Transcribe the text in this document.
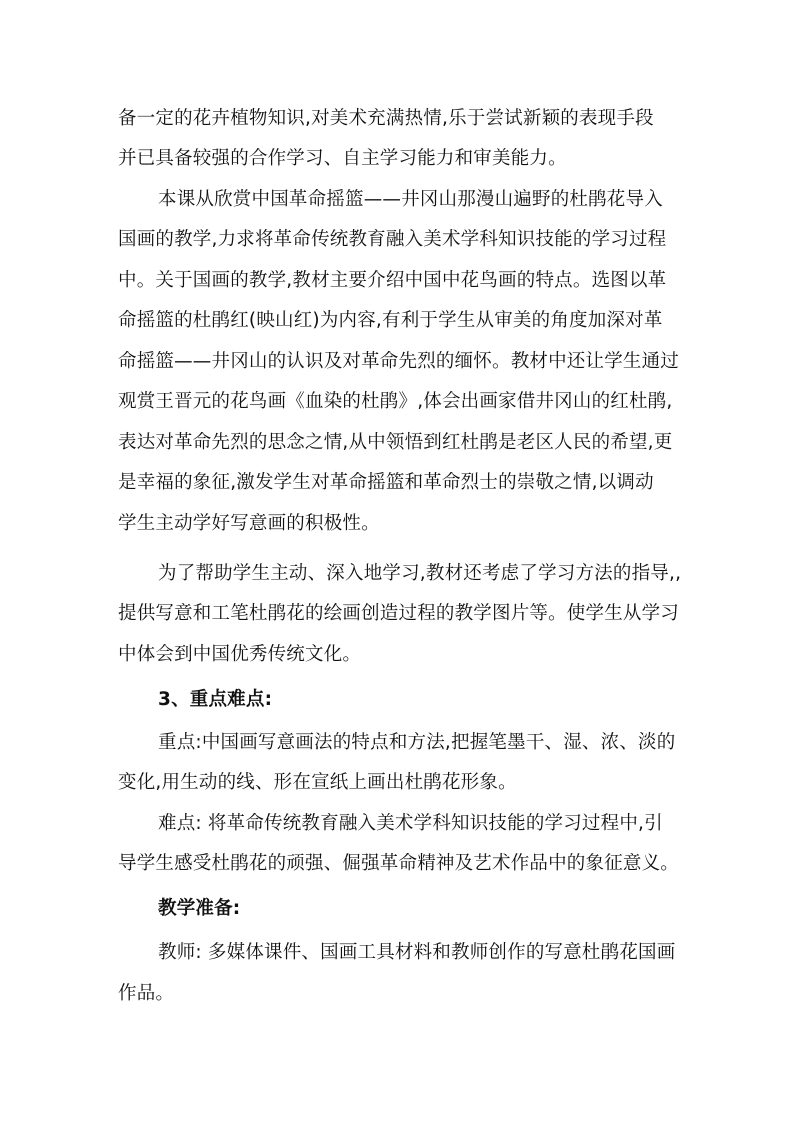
备一定的花卉植物知识,对美术充满热情,乐于尝试新颖的表现手段
并已具备较强的合作学习、自主学习能力和审美能力。
本课从欣赏中国革命摇篮——井冈山那漫山遍野的杜鹃花导入
国画的教学,力求将革命传统教育融入美术学科知识技能的学习过程
中。关于国画的教学,教材主要介绍中国中花鸟画的特点。选图以革
命摇篮的杜鹃红(映山红)为内容,有利于学生从审美的角度加深对革
命摇篮——井冈山的认识及对革命先烈的缅怀。教材中还让学生通过
观赏王晋元的花鸟画《血染的杜鹃》,体会出画家借井冈山的红杜鹃,
表达对革命先烈的思念之情,从中领悟到红杜鹃是老区人民的希望,更
是幸福的象征,激发学生对革命摇篮和革命烈士的崇敬之情,以调动
学生主动学好写意画的积极性。
为了帮助学生主动、深入地学习,教材还考虑了学习方法的指导,,
提供写意和工笔杜鹃花的绘画创造过程的教学图片等。使学生从学习
中体会到中国优秀传统文化。
3、重点难点:
重点:中国画写意画法的特点和方法,把握笔墨干、湿、浓、淡的
变化,用生动的线、形在宣纸上画出杜鹃花形象。
难点: 将革命传统教育融入美术学科知识技能的学习过程中,引
导学生感受杜鹃花的顽强、倔强革命精神及艺术作品中的象征意义。
教学准备:
教师: 多媒体课件、国画工具材料和教师创作的写意杜鹃花国画
作品。
